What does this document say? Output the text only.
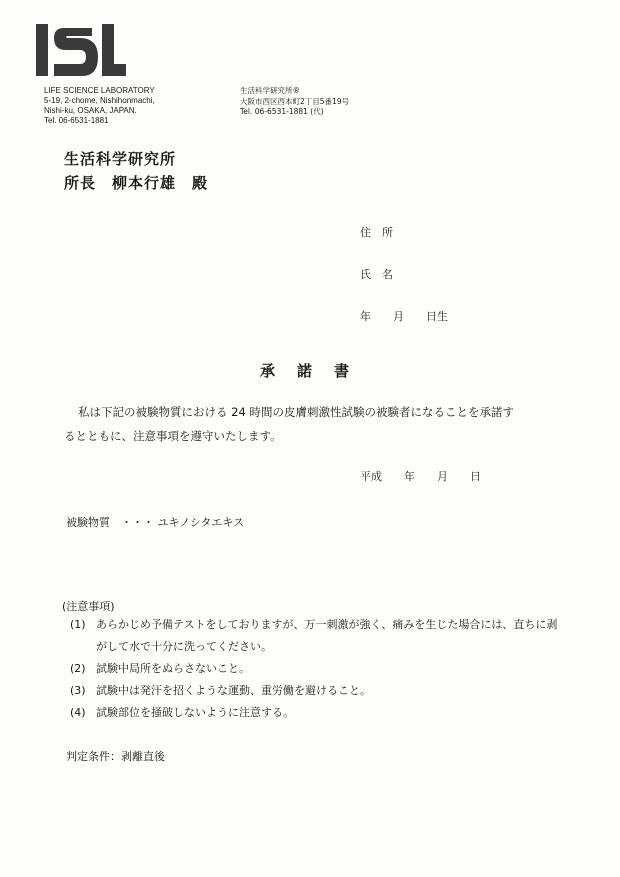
LIFE SCIENCE LABORATORY
5-19, 2-chome, Nishihonmachi,
Nishi-ku, OSAKA, JAPAN.
Tel. 06-6531-1881
生活科学研究所®
大阪市西区西本町2丁目5番19号
Tel. 06-6531-1881 (代)
生活科学研究所
所長　柳本行雄　殿
住　所
氏　名
年　　月　　日生
承諾書
私は下記の被験物質における 24 時間の皮膚刺激性試験の被験者になることを承諾す
るとともに、注意事項を遵守いたします。
平成　　年　　月　　日
被験物質　・・・ ユキノシタエキス
(注意事項)
(1) あらかじめ予備テストをしておりますが、万一刺激が強く、痛みを生じた場合には、直ちに剥
がして水で十分に洗ってください。
(2) 試験中局所をぬらさないこと。
(3) 試験中は発汗を招くような運動、重労働を避けること。
(4) 試験部位を掻破しないように注意する。
判定条件：剥離直後
